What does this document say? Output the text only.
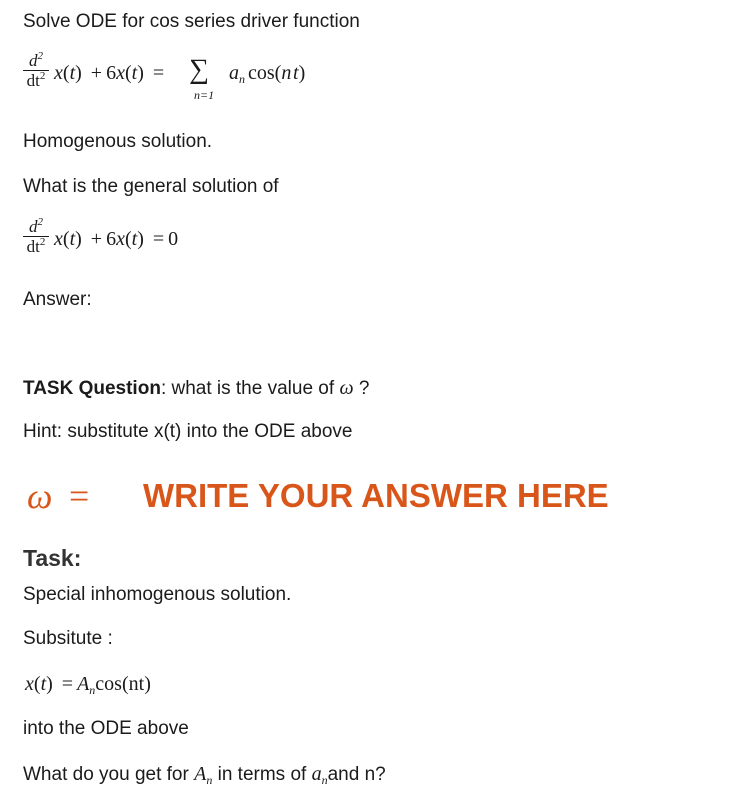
Solve ODE for cos series driver function
$d^2$
$dt^2$ x(t) + 6x(t) = ∑
n=1
$a_n$ cos(n t)
Homogenous solution.
What is the general solution of
$d^2$
$dt^2$ x(t) + 6x(t) = 0
Answer:
TASK Question: what is the value of ω ?
Hint: substitute x(t) into the ODE above
ω = WRITE YOUR ANSWER HERE
Task:
Special inhomogenous solution.
Subsitute :
$x(t) = A_n\cos(nt)$
into the ODE above
What do you get for $A_n$ in terms of $a_nand$ n?
